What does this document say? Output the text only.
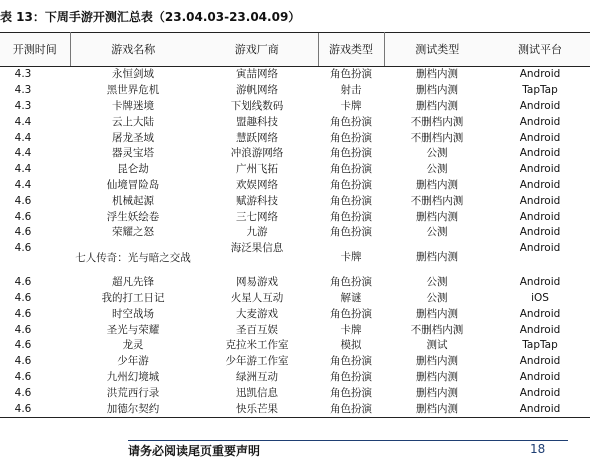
表 13：下周手游开测汇总表（23.04.03-23.04.09）
开测时间	游戏名称	游戏厂商	游戏类型	测试类型	测试平台
4.3	永恒剑域	寅喆网络	角色扮演	删档内测	Android
4.3	黑世界危机	游帆网络	射击	删档内测	TapTap
4.3	卡牌迷境	下划线数码	卡牌	删档内测	Android
4.4	云上大陆	盟趣科技	角色扮演	不删档内测	Android
4.4	屠龙圣域	慧跃网络	角色扮演	不删档内测	Android
4.4	器灵宝塔	冲浪游网络	角色扮演	公测	Android
4.4	昆仑劫	广州飞拓	角色扮演	公测	Android
4.4	仙境冒险岛	欢娱网络	角色扮演	删档内测	Android
4.6	机械起源	赋游科技	角色扮演	不删档内测	Android
4.6	浮生妖绘卷	三七网络	角色扮演	删档内测	Android
4.6	荣耀之怒	九游	角色扮演	公测	Android
4.6	七人传奇：光与暗之交战	海泛果信息	卡牌	删档内测	Android
4.6	超凡先锋	网易游戏	角色扮演	公测	Android
4.6	我的打工日记	火星人互动	解谜	公测	iOS
4.6	时空战场	大麦游戏	角色扮演	删档内测	Android
4.6	圣光与荣耀	圣百互娱	卡牌	不删档内测	Android
4.6	龙灵	克拉米工作室	模拟	测试	TapTap
4.6	少年游	少年游工作室	角色扮演	删档内测	Android
4.6	九州幻境城	绿洲互动	角色扮演	删档内测	Android
4.6	洪荒西行录	迅凯信息	角色扮演	删档内测	Android
4.6	加德尔契约	快乐芒果	角色扮演	删档内测	Android
请务必阅读尾页重要声明	18
